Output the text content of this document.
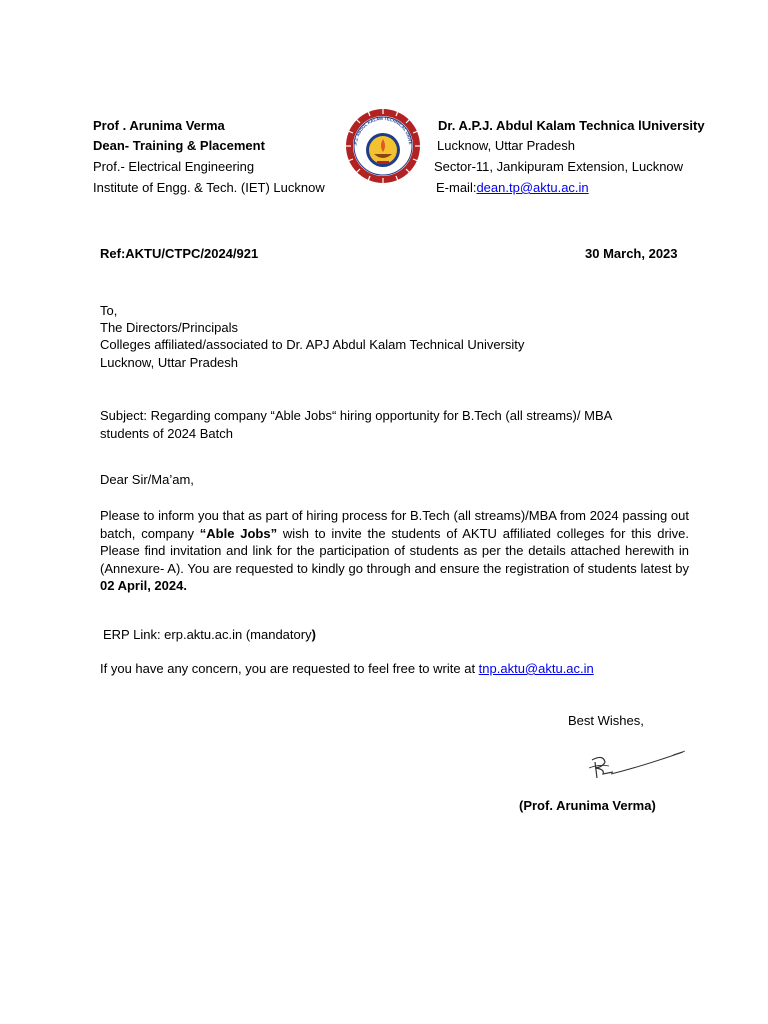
Prof . Arunima Verma
Dean- Training & Placement
Prof.- Electrical Engineering
Institute of Engg. & Tech. (IET) Lucknow
.P.J. ABDUL KALAM TECHNICAL UNIVE
Dr. A.P.J. Abdul Kalam Technica lUniversity
Lucknow, Uttar Pradesh
Sector-11, Jankipuram Extension, Lucknow
E-mail:dean.tp@aktu.ac.in
Ref:AKTU/CTPC/2024/921	30 March, 2023
To,
The Directors/Principals
Colleges affiliated/associated to Dr. APJ Abdul Kalam Technical University
Lucknow, Uttar Pradesh
Subject: Regarding company “Able Jobs“ hiring opportunity for B.Tech (all streams)/ MBA
students of 2024 Batch
Dear Sir/Ma’am,
Please to inform you that as part of hiring process for B.Tech (all streams)/MBA from 2024 passing out batch, company “Able Jobs” wish to invite the students of AKTU affiliated colleges for this drive. Please find invitation and link for the participation of students as per the details attached herewith in (Annexure- A). You are requested to kindly go through and ensure the registration of students latest by 02 April, 2024.
ERP Link: erp.aktu.ac.in (mandatory)
If you have any concern, you are requested to feel free to write at tnp.aktu@aktu.ac.in
Best Wishes,
(Prof. Arunima Verma)
